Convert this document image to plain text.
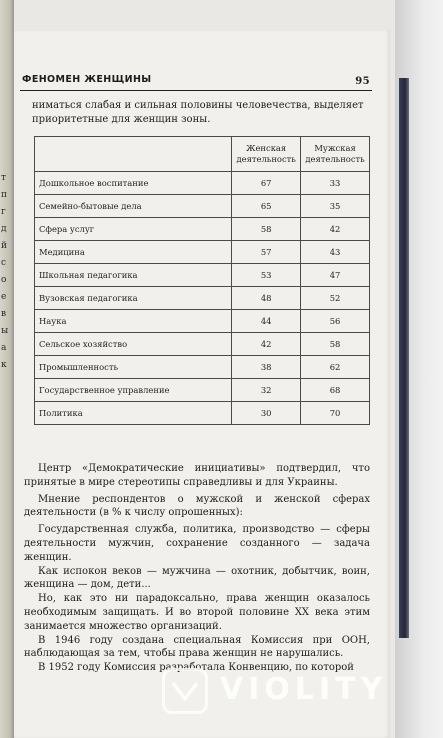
т
п
г
д
й
с
о
е
в
ы
а
к
ФЕНОМЕН ЖЕНЩИНЫ	95

ниматься слабая и сильная половины человечества, выделяет

приоритетные для женщин зоны.

	Женская деятельность	Мужская деятельность
Дошкольное воспитание	67	33
Семейно-бытовые дела	65	35
Сфера услуг	58	42
Медицина	57	43
Школьная педагогика	53	47
Вузовская педагогика	48	52
Наука	44	56
Сельское хозяйство	42	58
Промышленность	38	62
Государственное управление	32	68
Политика	30	70

Центр «Демократические инициативы» подтвердил, что принятые в мире стереотипы справедливы и для Украины.

Мнение респондентов о мужской и женской сферах деятельности (в % к числу опрошенных):

Государственная служба, политика, производство — сферы деятельности мужчин, сохранение созданного — задача женщин.

Как испокон веков — мужчина — охотник, добытчик, воин, женщина — дом, дети...

Но, как это ни парадоксально, права женщин оказалось необходимым защищать. И во второй половине XX века этим занимается множество организаций.

В 1946 году создана специальная Комиссия при ООН, наблюдающая за тем, чтобы права женщин не нарушались.

В 1952 году Комиссия разработала Конвенцию, по которой

VIOLITY
